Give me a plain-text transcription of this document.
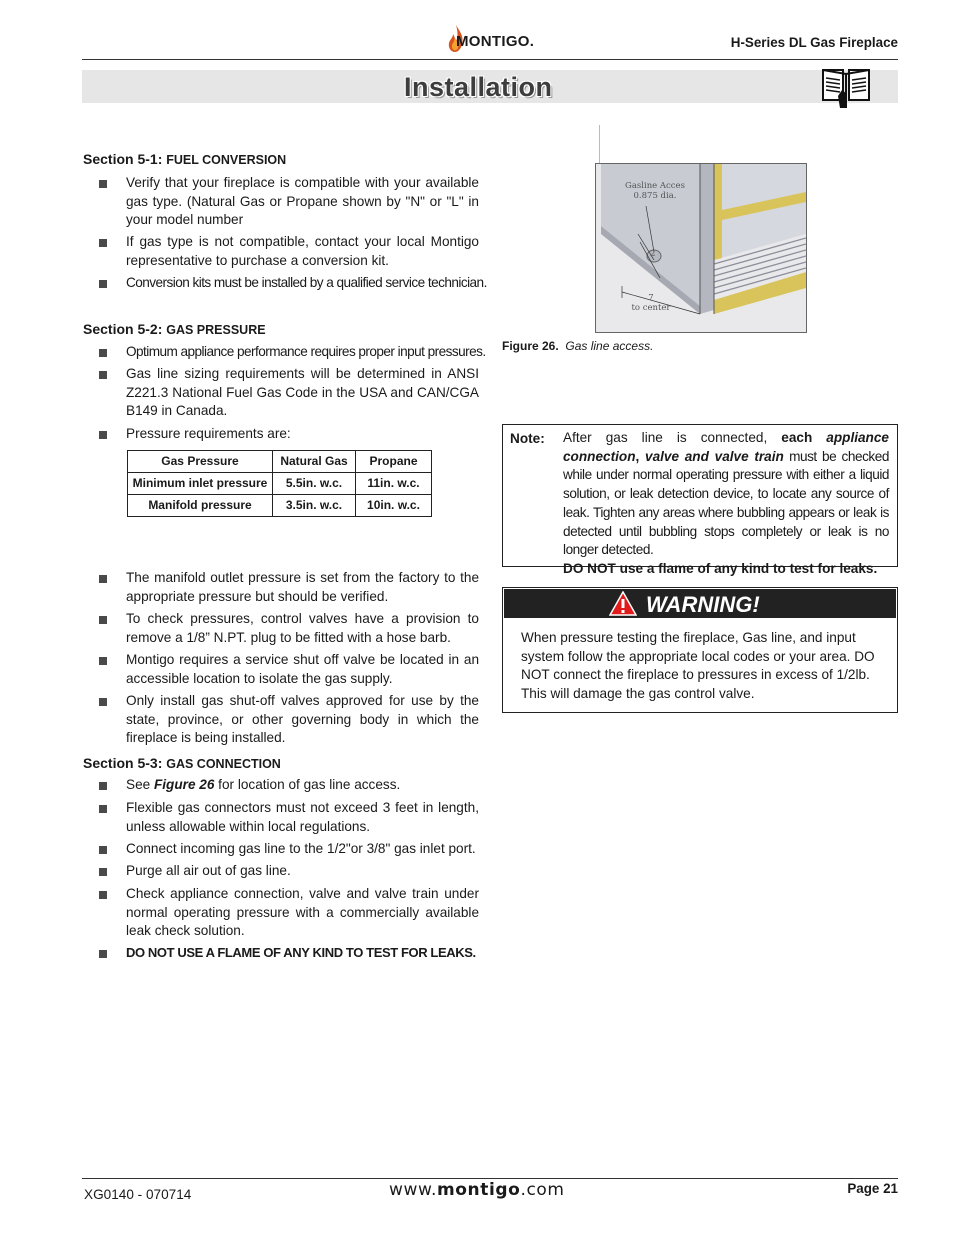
MONTIGO.	H-Series DL Gas Fireplace
Installation
Section 5-1: FUEL CONVERSION
Verify that your fireplace is compatible with your available gas type. (Natural Gas or Propane shown by "N" or "L" in your model number
If gas type is not compatible, contact your local Montigo representative to purchase a conversion kit.
Conversion kits must be installed by a qualified service technician.
Section 5-2: GAS PRESSURE
Optimum appliance performance requires proper input pressures.
Gas line sizing requirements will be determined in ANSI Z221.3 National Fuel Gas Code in the USA and CAN/CGA B149 in Canada.
Pressure requirements are:
Gas Pressure	Natural Gas	Propane
Minimum inlet pressure	5.5in. w.c.	11in. w.c.
Manifold pressure	3.5in. w.c.	10in. w.c.
The manifold outlet pressure is set from the factory to the appropriate pressure but should be verified.
To check pressures, control valves have a provision to remove a 1/8” N.PT. plug to be fitted with a hose barb.
Montigo requires a service shut off valve be located in an accessible location to isolate the gas supply.
Only install gas shut-off valves approved for use by the state, province, or other governing body in which the fireplace is being installed.
Section 5-3: GAS CONNECTION
See Figure 26 for location of gas line access.
Flexible gas connectors must not exceed 3 feet in length, unless allowable within local regulations.
Connect incoming gas line to the 1/2"or 3/8" gas inlet port.
Purge all air out of gas line.
Check appliance connection, valve and valve train under normal operating pressure with a commercially available leak check solution.
DO NOT USE A FLAME OF ANY KIND TO TEST FOR LEAKS.
Gasline Acces
0.875 dia.
2
7
to center
Figure 26. Gas line access.
Note: After gas line is connected, each appliance connection, valve and valve train must be checked while under normal operating pressure with either a liquid solution, or leak detection device, to locate any source of leak. Tighten any areas where bubbling appears or leak is detected until bubbling stops completely or leak is no longer detected.
DO NOT use a flame of any kind to test for leaks.
WARNING!
When pressure testing the fireplace, Gas line, and input system follow the appropriate local codes or your area. DO NOT connect the fireplace to pressures in excess of 1/2lb. This will damage the gas control valve.
XG0140 - 070714	www.montigo.com	Page 21
